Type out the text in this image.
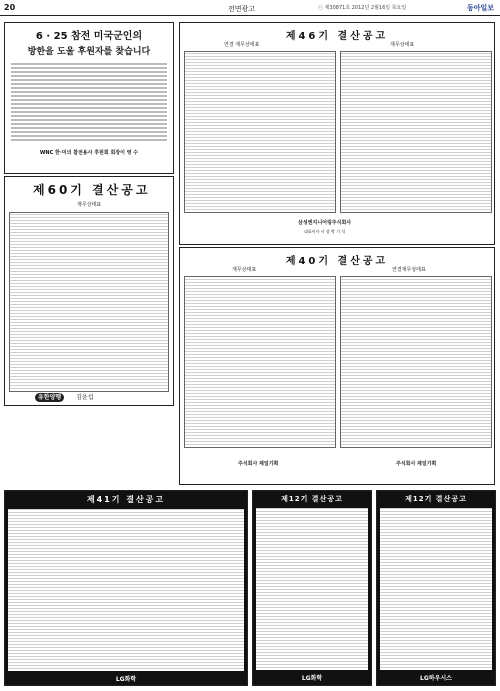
20	전면광고	ⓒ 제30871호 2012년 2월16일 목요일	동아일보
6 · 25 참전 미국군인의
방한을 도울 후원자를 찾습니다
WNC 한·미의 참전용사 후원회 회장이 영 수
제60기 결산공고
재무상태표
유한양행 김윤섭
제46기 결산공고
연결 재무상태표	재무상태표
삼성엔지니어링주식회사
대표이사 사 장 박 기 석
제40기 결산공고
재무상태표	연결재무상태표
주식회사 제일기획	주식회사 제일기획
제41기 결산공고
LG화학
제12기 결산공고
LG화학
제12기 결산공고
LG하우시스
